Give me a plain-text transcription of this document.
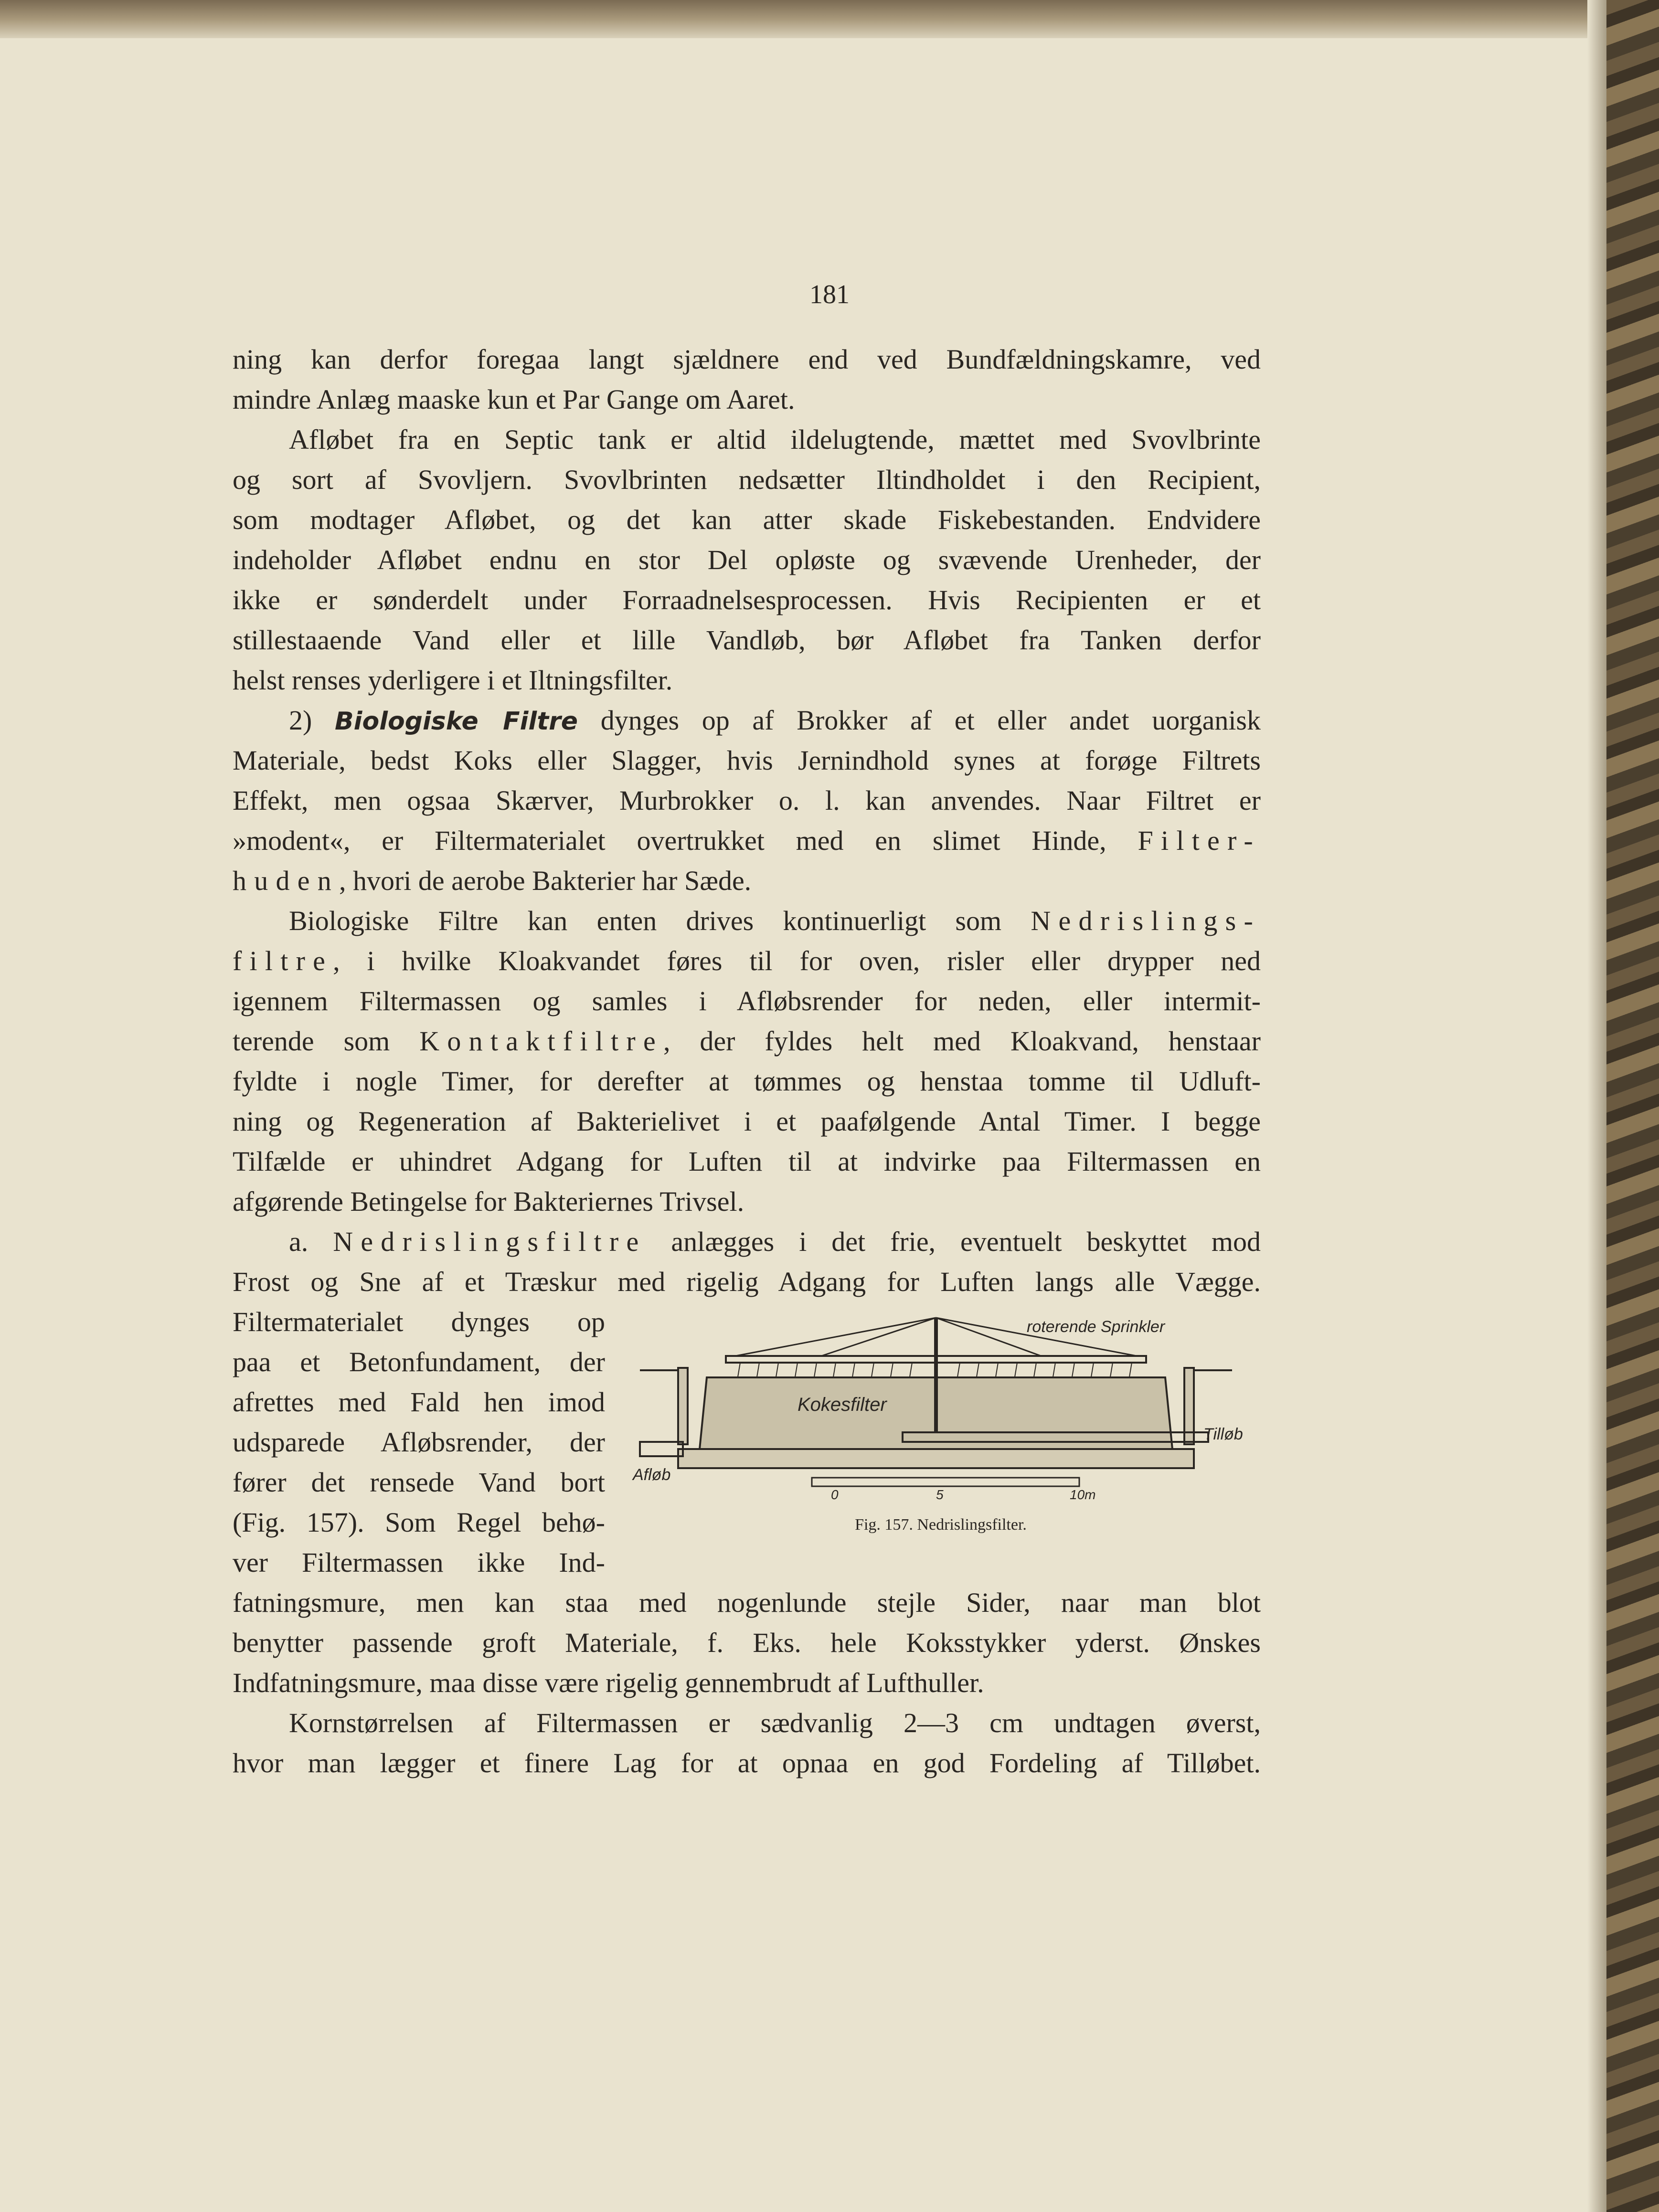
181
ning kan derfor foregaa langt sjældnere end ved Bundfældningskamre, ved
mindre Anlæg maaske kun et Par Gange om Aaret.
Afløbet fra en Septic tank er altid ildelugtende, mættet med Svovlbrinte
og sort af Svovljern. Svovlbrinten nedsætter Iltindholdet i den Recipient,
som modtager Afløbet, og det kan atter skade Fiskebestanden. Endvidere
indeholder Afløbet endnu en stor Del opløste og svævende Urenheder, der
ikke er sønderdelt under Forraadnelsesprocessen. Hvis Recipienten er et
stillestaaende Vand eller et lille Vandløb, bør Afløbet fra Tanken derfor
helst renses yderligere i et Iltningsfilter.
2) Biologiske Filtre dynges op af Brokker af et eller andet uorganisk
Materiale, bedst Koks eller Slagger, hvis Jernindhold synes at forøge Filtrets
Effekt, men ogsaa Skærver, Murbrokker o. l. kan anvendes. Naar Filtret er
»modent«, er Filtermaterialet overtrukket med en slimet Hinde, Filter-
huden, hvori de aerobe Bakterier har Sæde.
Biologiske Filtre kan enten drives kontinuerligt som Nedrislings-
filtre, i hvilke Kloakvandet føres til for oven, risler eller drypper ned
igennem Filtermassen og samles i Afløbsrender for neden, eller intermit-
terende som Kontaktfiltre, der fyldes helt med Kloakvand, henstaar
fyldte i nogle Timer, for derefter at tømmes og henstaa tomme til Udluft-
ning og Regeneration af Bakterielivet i et paafølgende Antal Timer. I begge
Tilfælde er uhindret Adgang for Luften til at indvirke paa Filtermassen en
afgørende Betingelse for Bakteriernes Trivsel.
a. Nedrislingsfiltre anlægges i det frie, eventuelt beskyttet mod
Frost og Sne af et Træskur med rigelig Adgang for Luften langs alle Vægge.
Filtermaterialet dynges op
paa et Betonfundament, der
afrettes med Fald hen imod
udsparede Afløbsrender, der
fører det rensede Vand bort
(Fig. 157). Som Regel behø-
ver Filtermassen ikke Ind-
fatningsmure, men kan staa med nogenlunde stejle Sider, naar man blot
benytter passende groft Materiale, f. Eks. hele Koksstykker yderst. Ønskes
Indfatningsmure, maa disse være rigelig gennembrudt af Lufthuller.
Kornstørrelsen af Filtermassen er sædvanlig 2—3 cm undtagen øverst,
hvor man lægger et finere Lag for at opnaa en god Fordeling af Tilløbet.
roterende Sprinkler
Kokesfilter
Tilløb
Afløb
0	5	10m
Fig. 157. Nedrislingsfilter.
